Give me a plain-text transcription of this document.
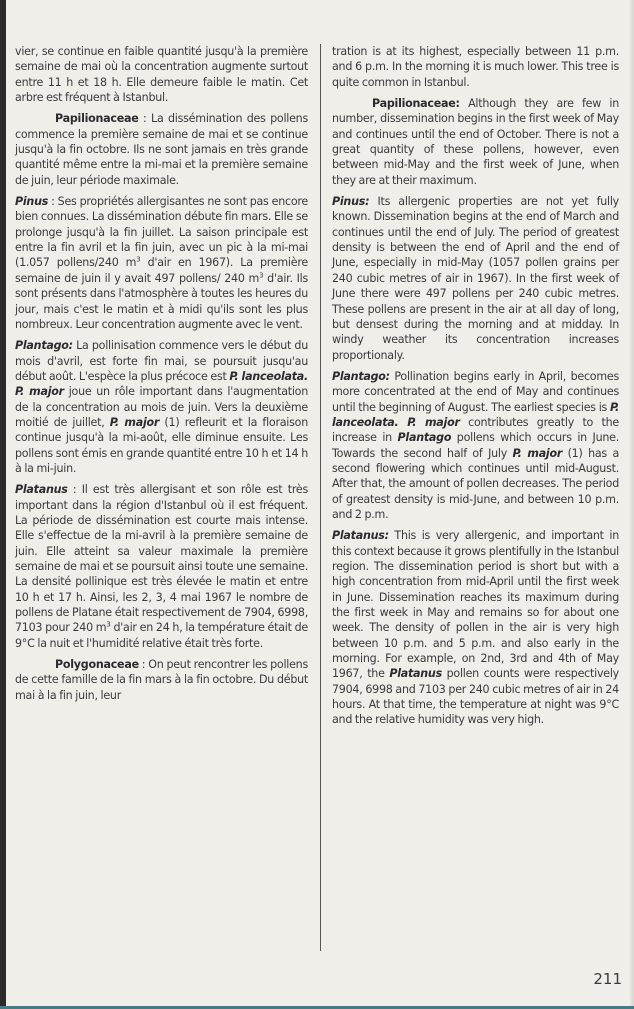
vier, se continue en faible quantité jusqu'à la première semaine de mai où la concentration augmente surtout entre 11 h et 18 h. Elle demeure faible le matin. Cet arbre est fréquent à Istanbul.

Papilionaceae : La dissémination des pollens commence la première semaine de mai et se continue jusqu'à la fin octobre. Ils ne sont jamais en très grande quantité même entre la mi-mai et la première semaine de juin, leur période maximale.

Pinus : Ses propriétés allergisantes ne sont pas encore bien connues. La dissémination débute fin mars. Elle se prolonge jusqu'à la fin juillet. La saison principale est entre la fin avril et la fin juin, avec un pic à la mi-mai (1.057 pollens/240 $m^3$ d'air en 1967). La première semaine de juin il y avait 497 pollens/ 240 $m^3$ d'air. Ils sont présents dans l'atmosphère à toutes les heures du jour, mais c'est le matin et à midi qu'ils sont les plus nombreux. Leur concentration augmente avec le vent.

Plantago: La pollinisation commence vers le début du mois d'avril, est forte fin mai, se poursuit jusqu'au début août. L'espèce la plus précoce est P. lanceolata. P. major joue un rôle important dans l'augmentation de la concentration au mois de juin. Vers la deuxième moitié de juillet, P. major (1) refleurit et la floraison continue jusqu'à la mi-août, elle diminue ensuite. Les pollens sont émis en grande quantité entre 10 h et 14 h à la mi-juin.

Platanus : Il est très allergisant et son rôle est très important dans la région d'Istanbul où il est fréquent. La période de dissémination est courte mais intense. Elle s'effectue de la mi-avril à la première semaine de juin. Elle atteint sa valeur maximale la première semaine de mai et se poursuit ainsi toute une semaine. La densité pollinique est très élevée le matin et entre 10 h et 17 h. Ainsi, les 2, 3, 4 mai 1967 le nombre de pollens de Platane était respectivement de 7904, 6998, 7103 pour 240 $m^3$ d'air en 24 h, la température était de 9°C la nuit et l'humidité relative était très forte.

Polygonaceae : On peut rencontrer les pollens de cette famille de la fin mars à la fin octobre. Du début mai à la fin juin, leur

tration is at its highest, especially between 11 p.m. and 6 p.m. In the morning it is much lower. This tree is quite common in Istanbul.

Papilionaceae: Although they are few in number, dissemination begins in the first week of May and continues until the end of October. There is not a great quantity of these pollens, however, even between mid-May and the first week of June, when they are at their maximum.

Pinus: Its allergenic properties are not yet fully known. Dissemination begins at the end of March and continues until the end of July. The period of greatest density is between the end of April and the end of June, especially in mid-May (1057 pollen grains per 240 cubic metres of air in 1967). In the first week of June there were 497 pollens per 240 cubic metres. These pollens are present in the air at all day of long, but densest during the morning and at midday. In windy weather its concentration increases proportionaly.

Plantago: Pollination begins early in April, becomes more concentrated at the end of May and continues until the beginning of August. The earliest species is P. lanceolata. P. major contributes greatly to the increase in Plantago pollens which occurs in June. Towards the second half of July P. major (1) has a second flowering which continues until mid-August. After that, the amount of pollen decreases. The period of greatest density is mid-June, and between 10 p.m. and 2 p.m.

Platanus: This is very allergenic, and important in this context because it grows plentifully in the Istanbul region. The dissemination period is short but with a high concentration from mid-April until the first week in June. Dissemination reaches its maximum during the first week in May and remains so for about one week. The density of pollen in the air is very high between 10 p.m. and 5 p.m. and also early in the morning. For example, on 2nd, 3rd and 4th of May 1967, the Platanus pollen counts were respectively 7904, 6998 and 7103 per 240 cubic metres of air in 24 hours. At that time, the temperature at night was 9°C and the relative humidity was very high.

211
